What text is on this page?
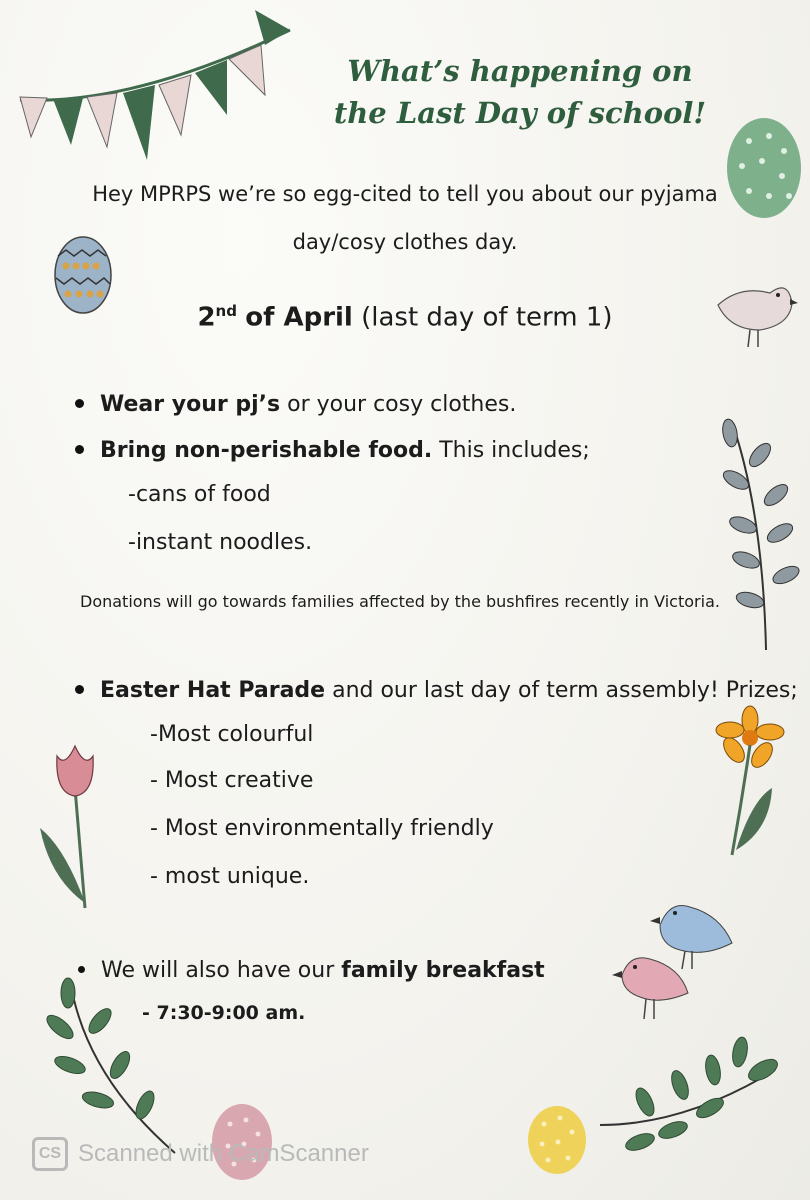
What’s happening on
the Last Day of school!
Hey MPRPS we’re so egg-cited to tell you about our pyjama
day/cosy clothes day.
2nd of April (last day of term 1)
Wear your pj’s or your cosy clothes.
Bring non-perishable food. This includes;
-cans of food
-instant noodles.
Donations will go towards families affected by the bushfires recently in Victoria.
Easter Hat Parade and our last day of term assembly! Prizes;
-Most colourful
- Most creative
- Most environmentally friendly
- most unique.
We will also have our family breakfast
- 7:30-9:00 am.
CS Scanned with CamScanner
